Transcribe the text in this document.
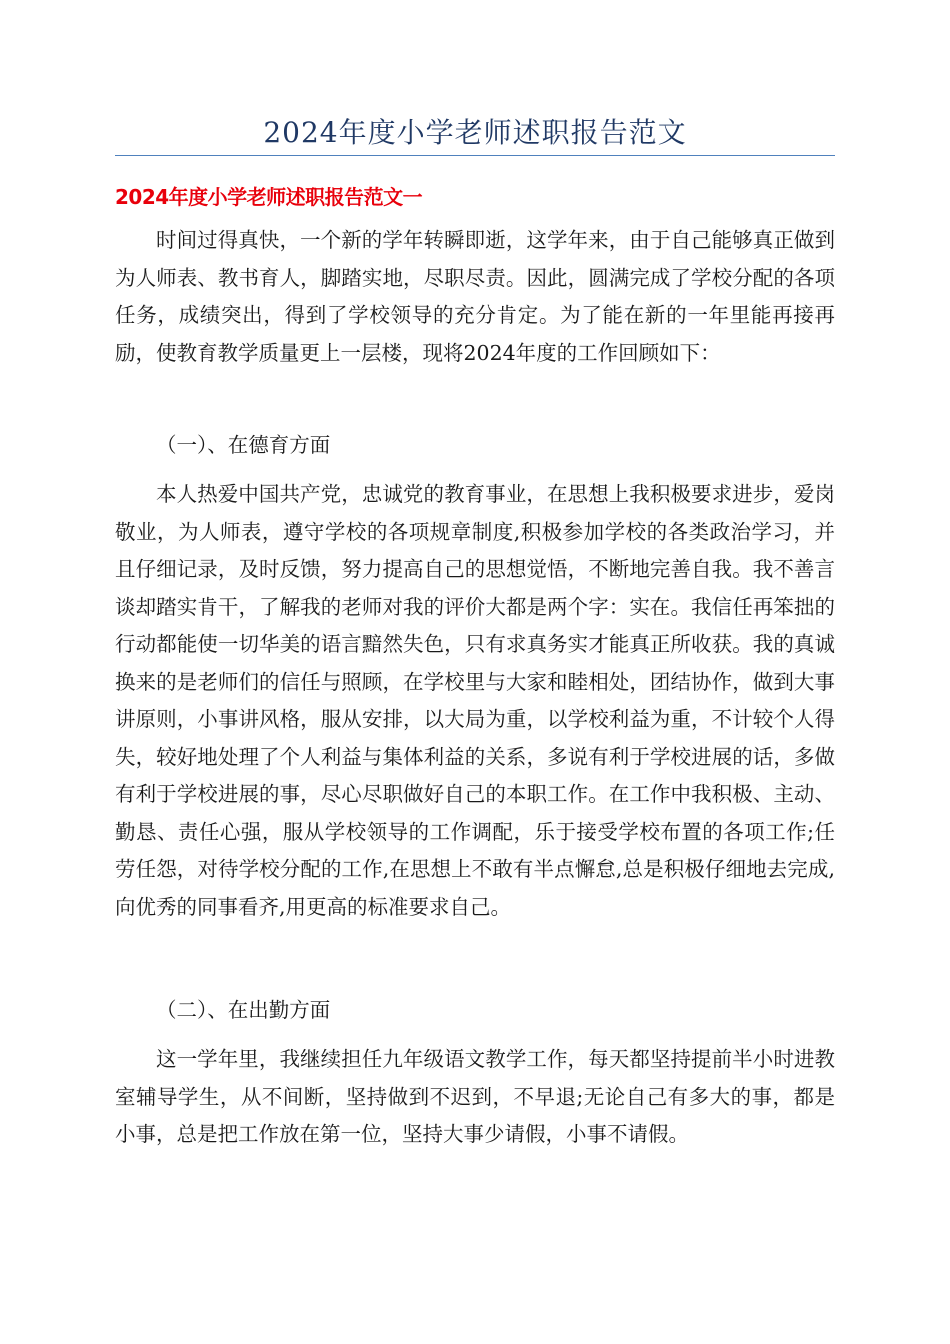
2024年度小学老师述职报告范文
2024年度小学老师述职报告范文一

时间过得真快，一个新的学年转瞬即逝，这学年来，由于自己能够真正做到为人师表、教书育人，脚踏实地，尽职尽责。因此，圆满完成了学校分配的各项任务，成绩突出，得到了学校领导的充分肯定。为了能在新的一年里能再接再励，使教育教学质量更上一层楼，现将2024年度的工作回顾如下：

（一）、在德育方面

本人热爱中国共产党，忠诚党的教育事业，在思想上我积极要求进步，爱岗敬业，为人师表，遵守学校的各项规章制度,积极参加学校的各类政治学习，并且仔细记录，及时反馈，努力提高自己的思想觉悟，不断地完善自我。我不善言谈却踏实肯干，了解我的老师对我的评价大都是两个字：实在。我信任再笨拙的行动都能使一切华美的语言黯然失色，只有求真务实才能真正所收获。我的真诚换来的是老师们的信任与照顾，在学校里与大家和睦相处，团结协作，做到大事讲原则，小事讲风格，服从安排，以大局为重，以学校利益为重，不计较个人得失，较好地处理了个人利益与集体利益的关系，多说有利于学校进展的话，多做有利于学校进展的事，尽心尽职做好自己的本职工作。在工作中我积极、主动、勤恳、责任心强，服从学校领导的工作调配，乐于接受学校布置的各项工作;任劳任怨，对待学校分配的工作,在思想上不敢有半点懈怠,总是积极仔细地去完成,向优秀的同事看齐,用更高的标准要求自己。

（二）、在出勤方面

这一学年里，我继续担任九年级语文教学工作，每天都坚持提前半小时进教室辅导学生，从不间断，坚持做到不迟到，不早退;无论自己有多大的事，都是小事，总是把工作放在第一位，坚持大事少请假，小事不请假。
